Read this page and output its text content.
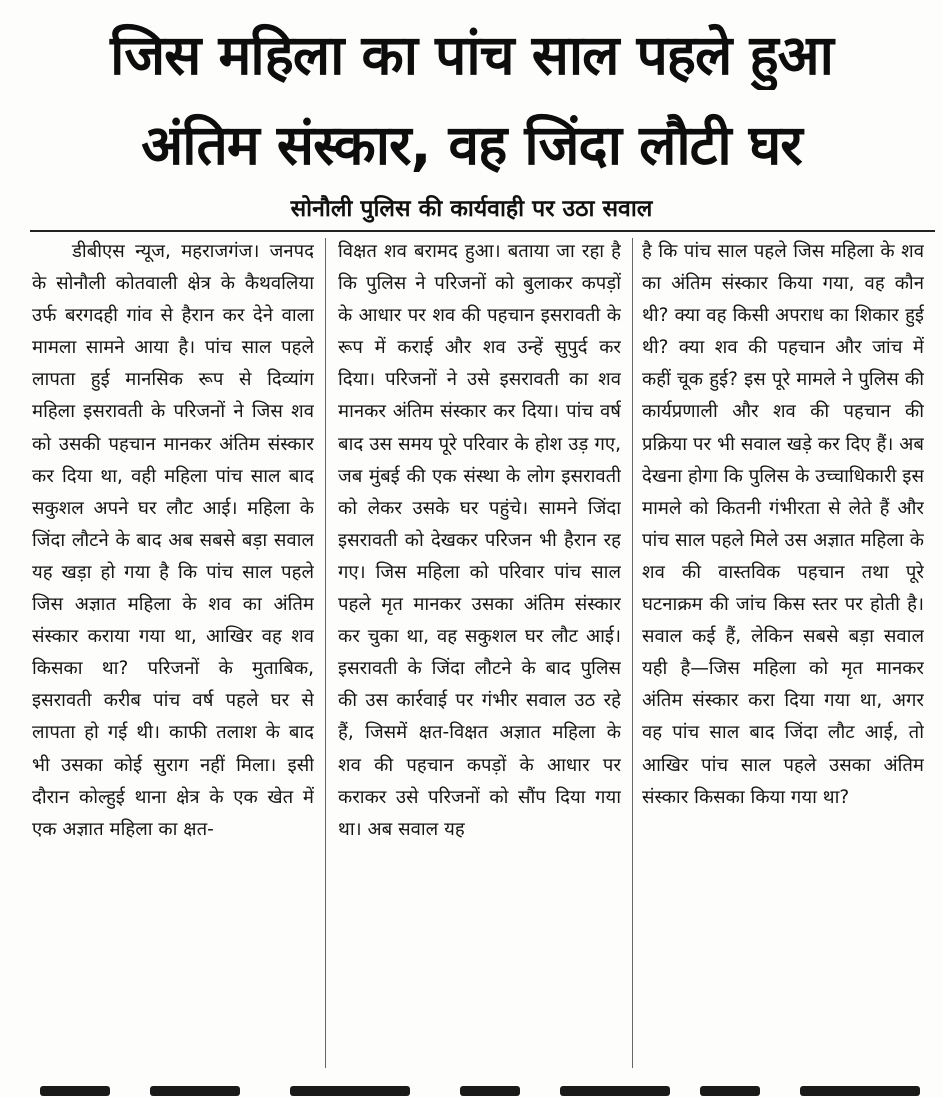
जिस महिला का पांच साल पहले हुआ
अंतिम संस्कार, वह जिंदा लौटी घर
सोनौली पुलिस की कार्यवाही पर उठा सवाल
डीबीएस न्यूज, महराजगंज। जनपद के सोनौली कोतवाली क्षेत्र के कैथवलिया उर्फ बरगदही गांव से हैरान कर देने वाला मामला सामने आया है। पांच साल पहले लापता हुई मानसिक रूप से दिव्यांग महिला इसरावती के परिजनों ने जिस शव को उसकी पहचान मानकर अंतिम संस्कार कर दिया था, वही महिला पांच साल बाद सकुशल अपने घर लौट आई। महिला के जिंदा लौटने के बाद अब सबसे बड़ा सवाल यह खड़ा हो गया है कि पांच साल पहले जिस अज्ञात महिला के शव का अंतिम संस्कार कराया गया था, आखिर वह शव किसका था? परिजनों के मुताबिक, इसरावती करीब पांच वर्ष पहले घर से लापता हो गई थी। काफी तलाश के बाद भी उसका कोई सुराग नहीं मिला। इसी दौरान कोल्हुई थाना क्षेत्र के एक खेत में एक अज्ञात महिला का क्षत-
विक्षत शव बरामद हुआ। बताया जा रहा है कि पुलिस ने परिजनों को बुलाकर कपड़ों के आधार पर शव की पहचान इसरावती के रूप में कराई और शव उन्हें सुपुर्द कर दिया। परिजनों ने उसे इसरावती का शव मानकर अंतिम संस्कार कर दिया। पांच वर्ष बाद उस समय पूरे परिवार के होश उड़ गए, जब मुंबई की एक संस्था के लोग इसरावती को लेकर उसके घर पहुंचे। सामने जिंदा इसरावती को देखकर परिजन भी हैरान रह गए। जिस महिला को परिवार पांच साल पहले मृत मानकर उसका अंतिम संस्कार कर चुका था, वह सकुशल घर लौट आई। इसरावती के जिंदा लौटने के बाद पुलिस की उस कार्रवाई पर गंभीर सवाल उठ रहे हैं, जिसमें क्षत-विक्षत अज्ञात महिला के शव की पहचान कपड़ों के आधार पर कराकर उसे परिजनों को सौंप दिया गया था। अब सवाल यह
है कि पांच साल पहले जिस महिला के शव का अंतिम संस्कार किया गया, वह कौन थी? क्या वह किसी अपराध का शिकार हुई थी? क्या शव की पहचान और जांच में कहीं चूक हुई? इस पूरे मामले ने पुलिस की कार्यप्रणाली और शव की पहचान की प्रक्रिया पर भी सवाल खड़े कर दिए हैं। अब देखना होगा कि पुलिस के उच्चाधिकारी इस मामले को कितनी गंभीरता से लेते हैं और पांच साल पहले मिले उस अज्ञात महिला के शव की वास्तविक पहचान तथा पूरे घटनाक्रम की जांच किस स्तर पर होती है। सवाल कई हैं, लेकिन सबसे बड़ा सवाल यही है—जिस महिला को मृत मानकर अंतिम संस्कार करा दिया गया था, अगर वह पांच साल बाद जिंदा लौट आई, तो आखिर पांच साल पहले उसका अंतिम संस्कार किसका किया गया था?
